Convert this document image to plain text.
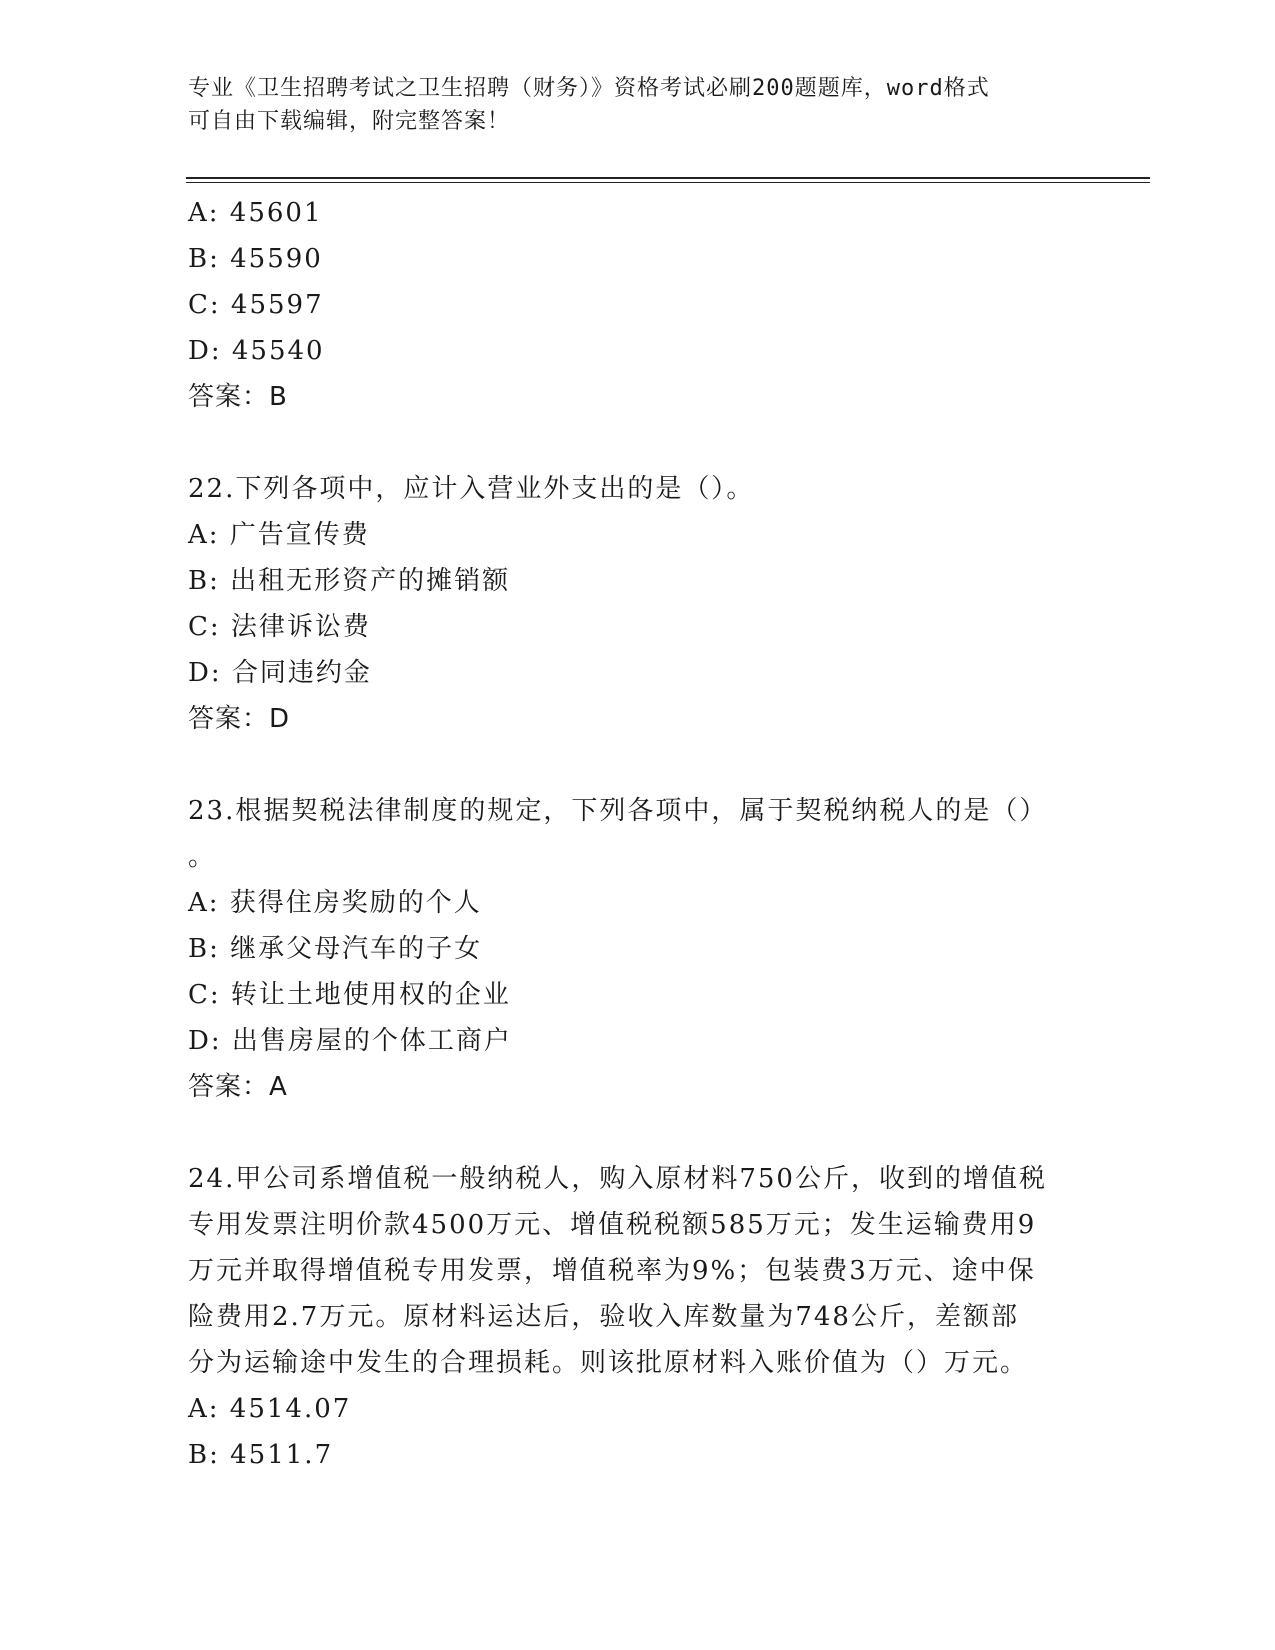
专业《卫生招聘考试之卫生招聘（财务）》资格考试必刷200题题库，word格式
可自由下载编辑，附完整答案！
A: 45601
B: 45590
C: 45597
D: 45540
答案：B
22.下列各项中，应计入营业外支出的是（）。
A: 广告宣传费
B: 出租无形资产的摊销额
C: 法律诉讼费
D: 合同违约金
答案：D
23.根据契税法律制度的规定，下列各项中，属于契税纳税人的是（）
。
A: 获得住房奖励的个人
B: 继承父母汽车的子女
C: 转让土地使用权的企业
D: 出售房屋的个体工商户
答案：A
24.甲公司系增值税一般纳税人，购入原材料750公斤，收到的增值税
专用发票注明价款4500万元、增值税税额585万元；发生运输费用9
万元并取得增值税专用发票，增值税率为9%；包装费3万元、途中保
险费用2.7万元。原材料运达后，验收入库数量为748公斤，差额部
分为运输途中发生的合理损耗。则该批原材料入账价值为（）万元。
A: 4514.07
B: 4511.7
